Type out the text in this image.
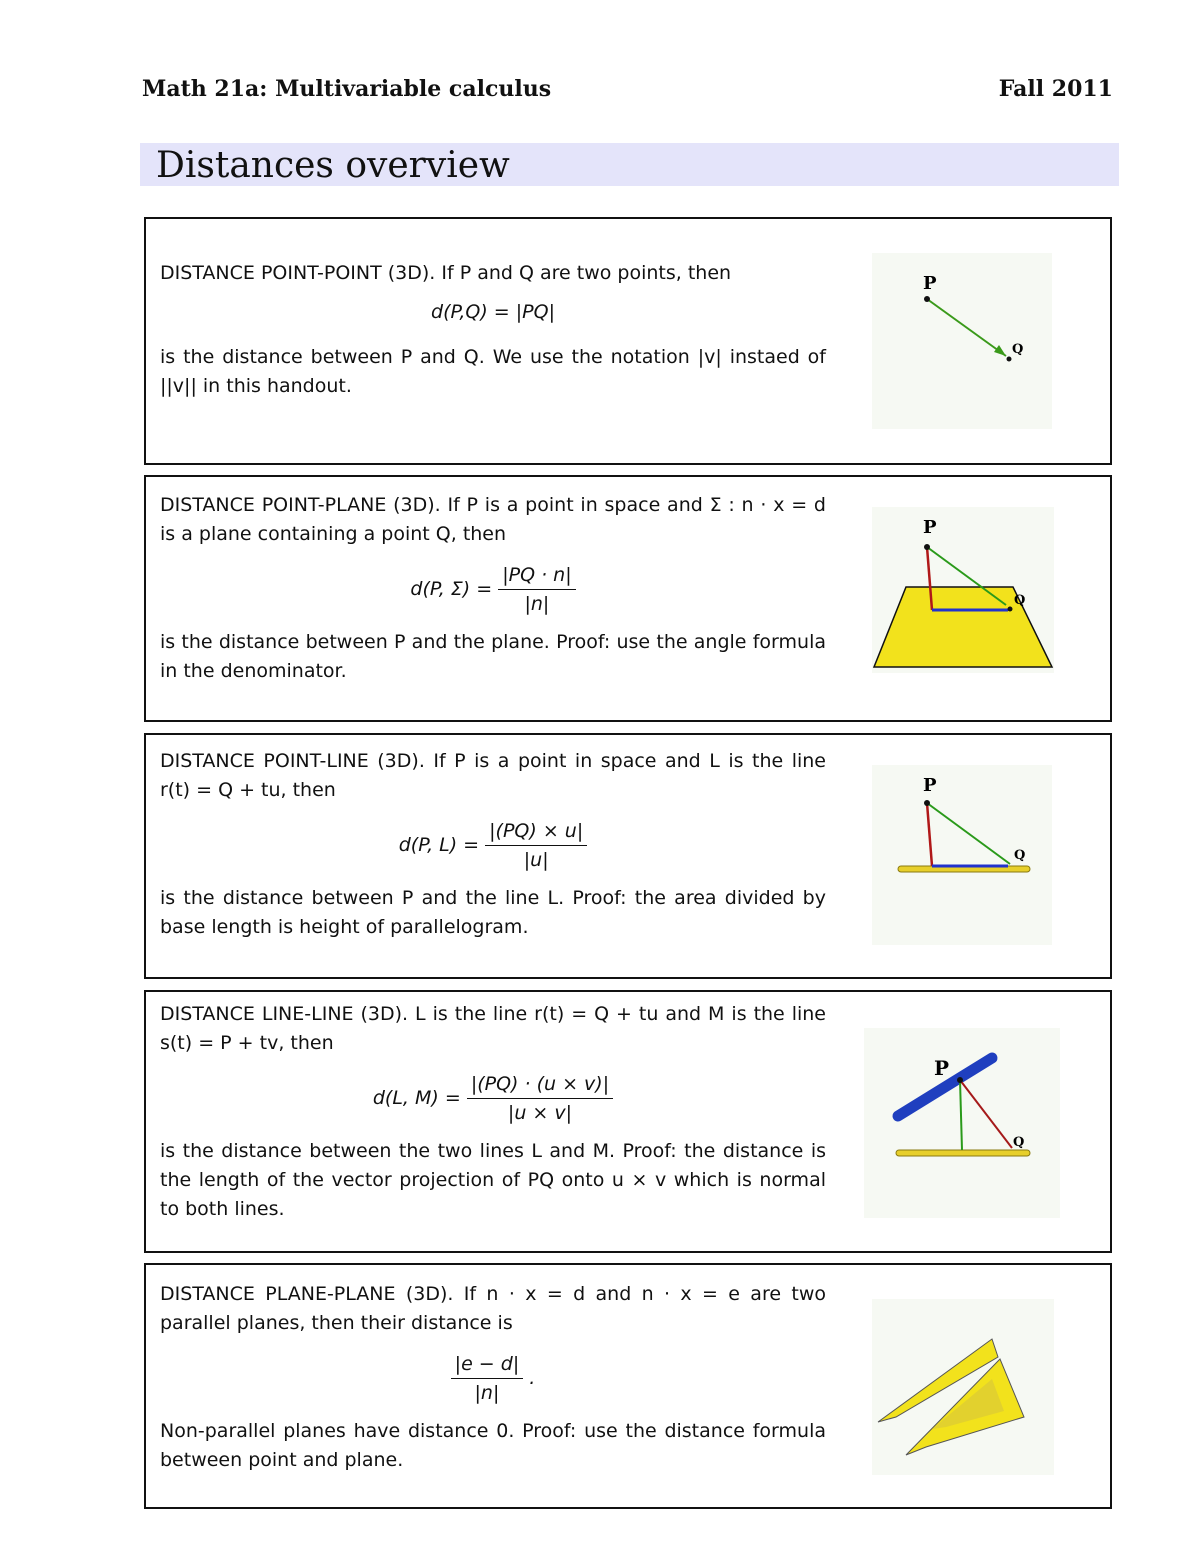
Math 21a: Multivariable calculus	Fall 2011
Distances overview

DISTANCE POINT-POINT (3D). If P and Q are two points, then

d(P,Q) = |PQ|

is the distance between P and Q. We use the notation |v| instaed of ||v|| in this handout.

P
Q

DISTANCE POINT-PLANE (3D). If P is a point in space and Σ : n · x = d is a plane containing a point Q, then

d(P, $\Sigma) = \frac{|PQ \cdot n|}{|n|}$

is the distance between P and the plane. Proof: use the angle formula in the denominator.

P
Q

DISTANCE POINT-LINE (3D). If P is a point in space and L is the line r(t) = Q + tu, then

d(P, $L) = \frac{|(PQ) \times u|}{|u|}$

is the distance between P and the line L. Proof: the area divided by base length is height of parallelogram.

P
Q

DISTANCE LINE-LINE (3D). L is the line r(t) = Q + tu and M is the line s(t) = P + tv, then

d(L, $M) = \frac{|(PQ) \cdot (u \times v)|}{|u \times v|}$

is the distance between the two lines L and M. Proof: the distance is the length of the vector projection of PQ onto u × v which is normal to both lines.

P
Q

DISTANCE PLANE-PLANE (3D). If n · x = d and n · x = e are two parallel planes, then their distance is

$\frac{|e - d|}{|n|}$ .

Non-parallel planes have distance 0. Proof: use the distance formula between point and plane.
